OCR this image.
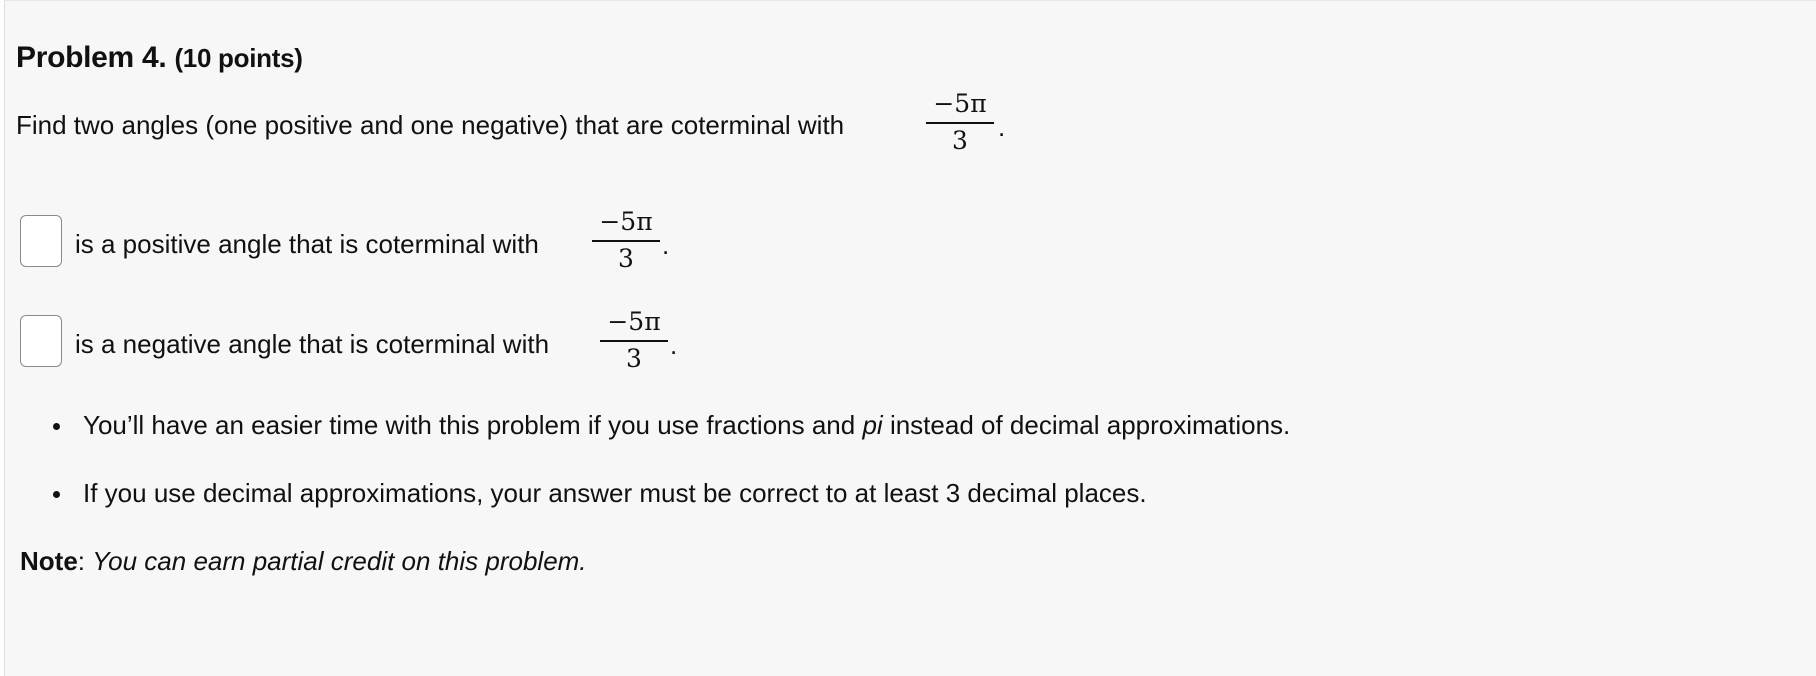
Problem 4. (10 points)
Find two angles (one positive and one negative) that are coterminal with
−5π
3	.
is a positive angle that is coterminal with
−5π
3	.
is a negative angle that is coterminal with
−5π
3	.
You’ll have an easier time with this problem if you use fractions and pi instead of decimal approximations.
If you use decimal approximations, your answer must be correct to at least 3 decimal places.
Note: You can earn partial credit on this problem.
